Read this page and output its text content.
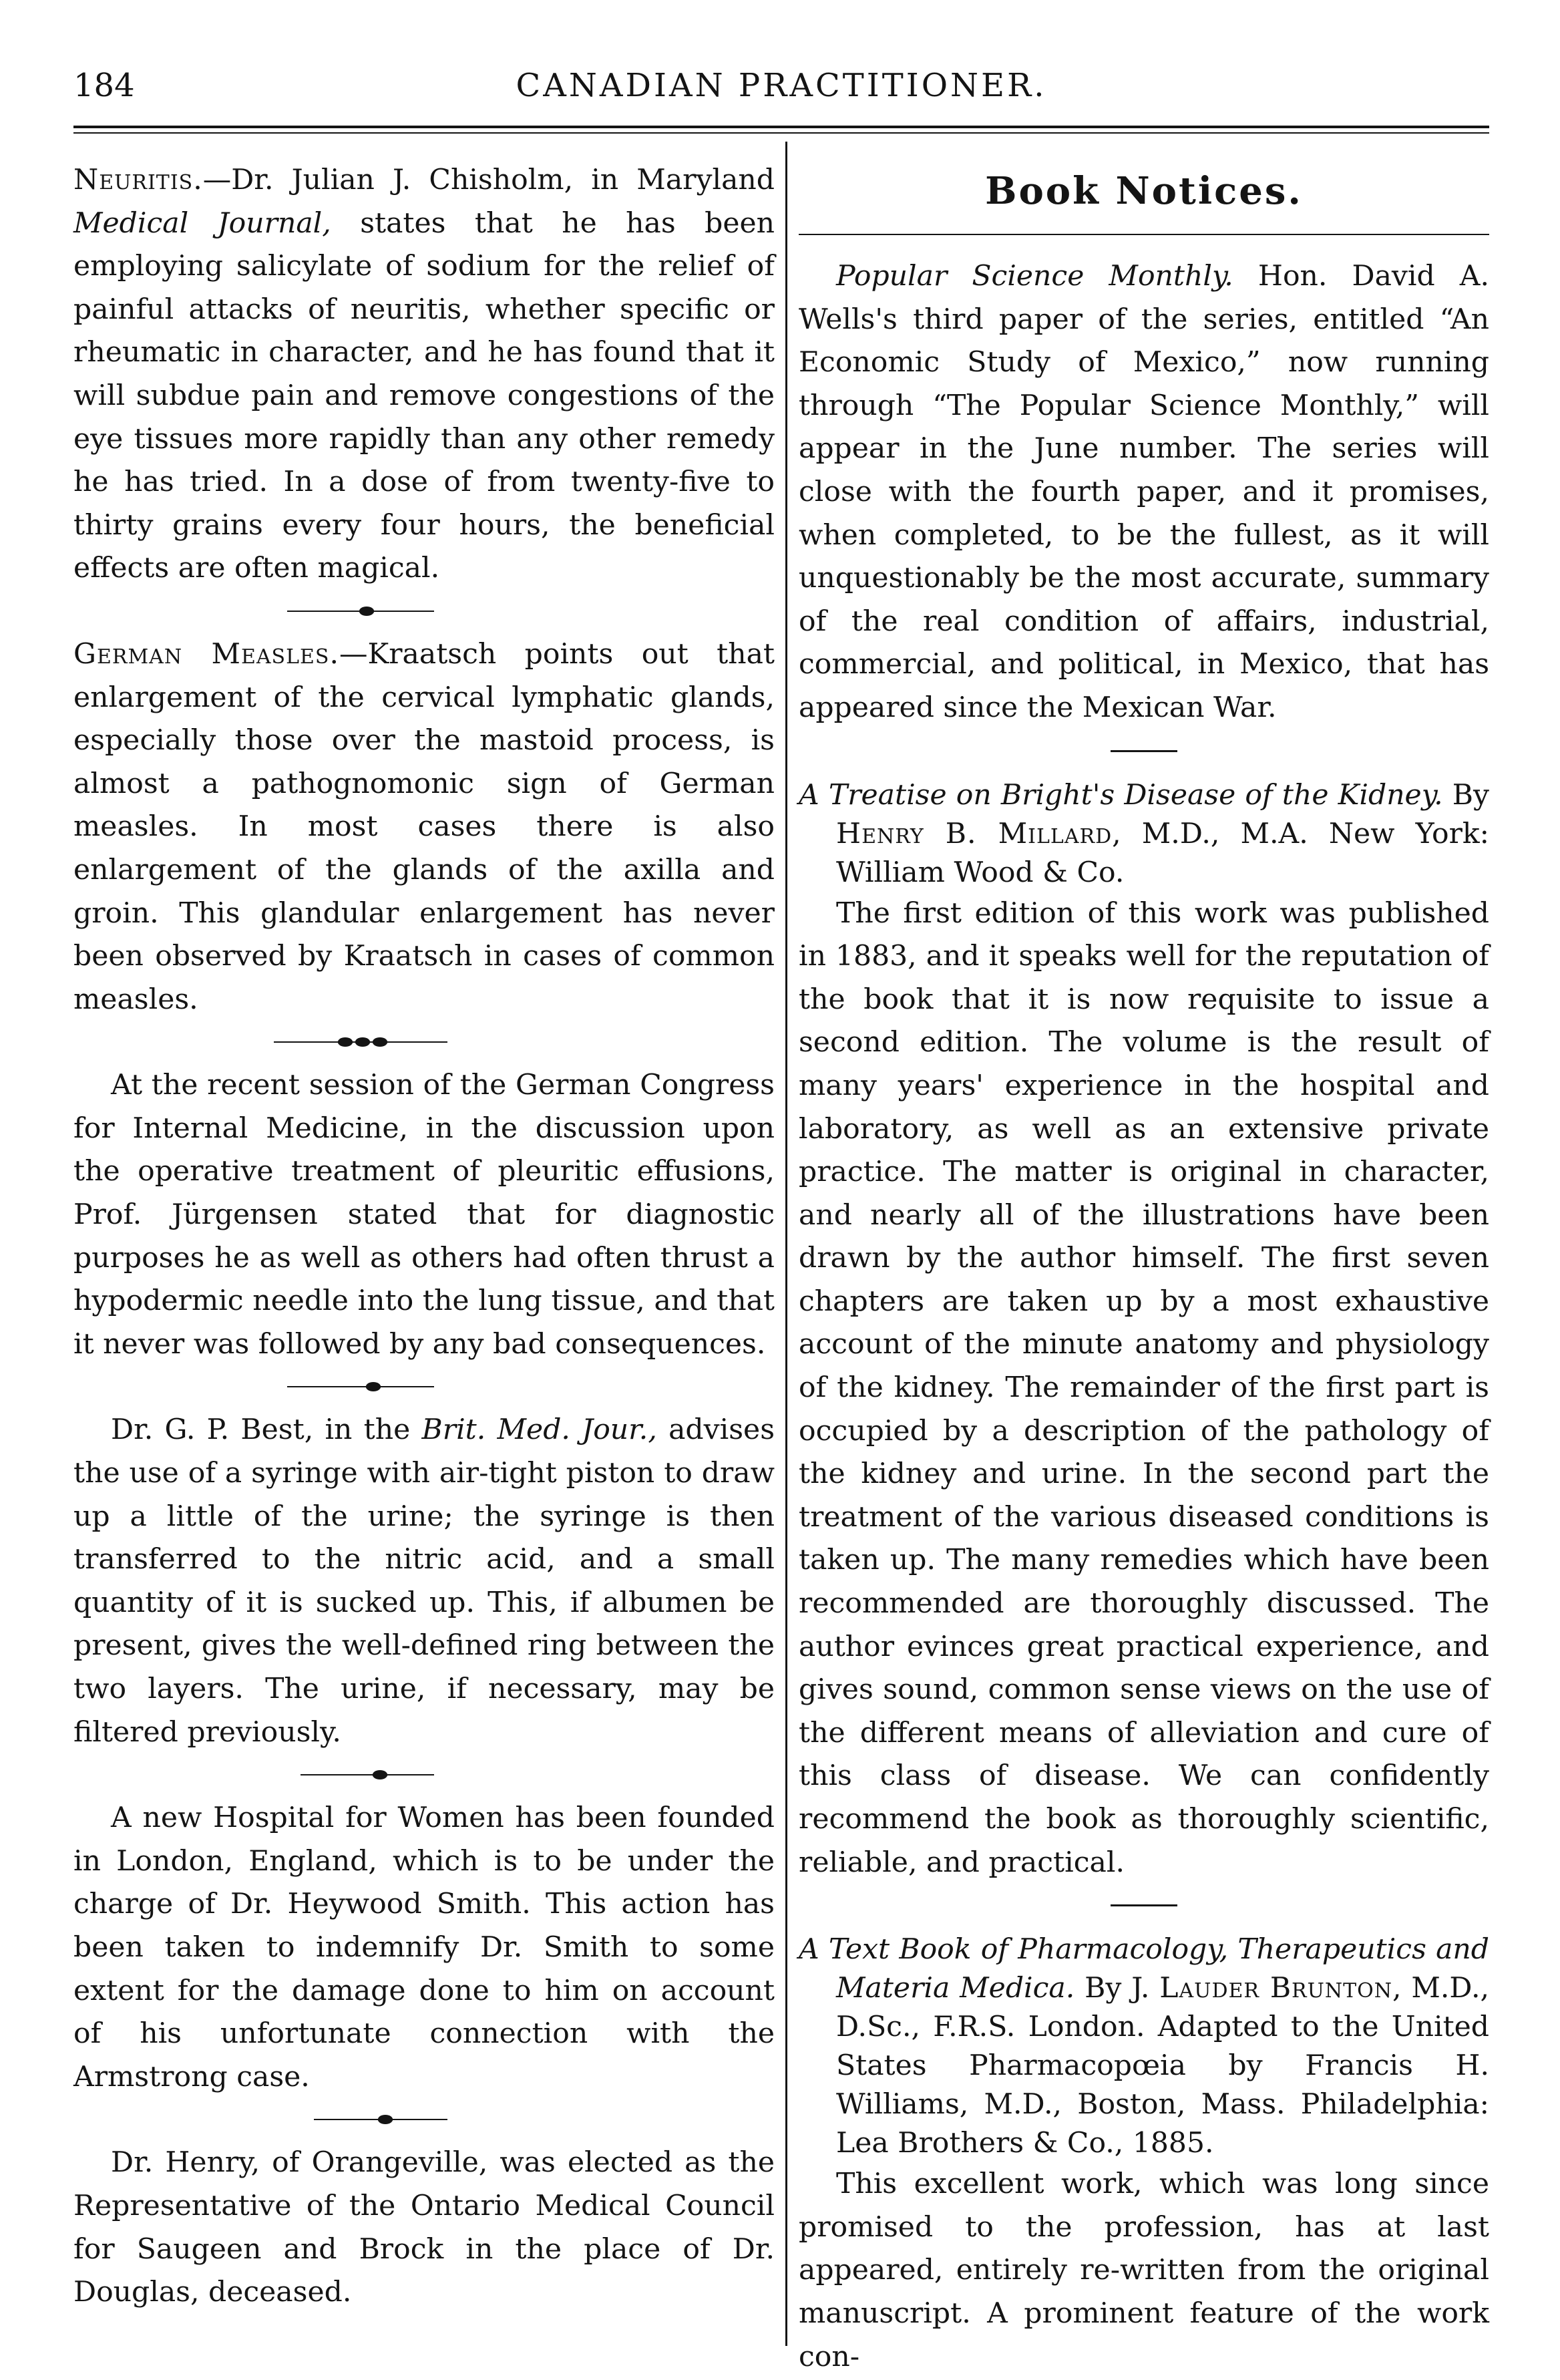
184	CANADIAN PRACTITIONER.

Neuritis.—Dr. Julian J. Chisholm, in Maryland Medical Journal, states that he has been employing salicylate of sodium for the relief of painful attacks of neuritis, whether specific or rheumatic in character, and he has found that it will subdue pain and remove congestions of the eye tissues more rapidly than any other remedy he has tried. In a dose of from twenty-five to thirty grains every four hours, the beneficial effects are often magical.

German Measles.—Kraatsch points out that enlargement of the cervical lymphatic glands, especially those over the mastoid process, is almost a pathognomonic sign of German measles. In most cases there is also enlargement of the glands of the axilla and groin. This glandular enlargement has never been observed by Kraatsch in cases of common measles.

At the recent session of the German Congress for Internal Medicine, in the discussion upon the operative treatment of pleuritic effusions, Prof. Jürgensen stated that for diagnostic purposes he as well as others had often thrust a hypodermic needle into the lung tissue, and that it never was followed by any bad consequences.

Dr. G. P. Best, in the Brit. Med. Jour., advises the use of a syringe with air-tight piston to draw up a little of the urine; the syringe is then transferred to the nitric acid, and a small quantity of it is sucked up. This, if albumen be present, gives the well-defined ring between the two layers. The urine, if necessary, may be filtered previously.

A new Hospital for Women has been founded in London, England, which is to be under the charge of Dr. Heywood Smith. This action has been taken to indemnify Dr. Smith to some extent for the damage done to him on account of his unfortunate connection with the Armstrong case.

Dr. Henry, of Orangeville, was elected as the Representative of the Ontario Medical Council for Saugeen and Brock in the place of Dr. Douglas, deceased.

Book Notices.

Popular Science Monthly. Hon. David A. Wells's third paper of the series, entitled “An Economic Study of Mexico,” now running through “The Popular Science Monthly,” will appear in the June number. The series will close with the fourth paper, and it promises, when completed, to be the fullest, as it will unquestionably be the most accurate, summary of the real condition of affairs, industrial, commercial, and political, in Mexico, that has appeared since the Mexican War.

A Treatise on Bright's Disease of the Kidney. By Henry B. Millard, M.D., M.A. New York: William Wood & Co.

The first edition of this work was published in 1883, and it speaks well for the reputation of the book that it is now requisite to issue a second edition. The volume is the result of many years' experience in the hospital and laboratory, as well as an extensive private practice. The matter is original in character, and nearly all of the illustrations have been drawn by the author himself. The first seven chapters are taken up by a most exhaustive account of the minute anatomy and physiology of the kidney. The remainder of the first part is occupied by a description of the pathology of the kidney and urine. In the second part the treatment of the various diseased conditions is taken up. The many remedies which have been recommended are thoroughly discussed. The author evinces great practical experience, and gives sound, common sense views on the use of the different means of alleviation and cure of this class of disease. We can confidently recommend the book as thoroughly scientific, reliable, and practical.

A Text Book of Pharmacology, Therapeutics and Materia Medica. By J. Lauder Brunton, M.D., D.Sc., F.R.S. London. Adapted to the United States Pharmacopœia by Francis H. Williams, M.D., Boston, Mass. Philadelphia: Lea Brothers & Co., 1885.

This excellent work, which was long since promised to the profession, has at last appeared, entirely re-written from the original manuscript. A prominent feature of the work con-
